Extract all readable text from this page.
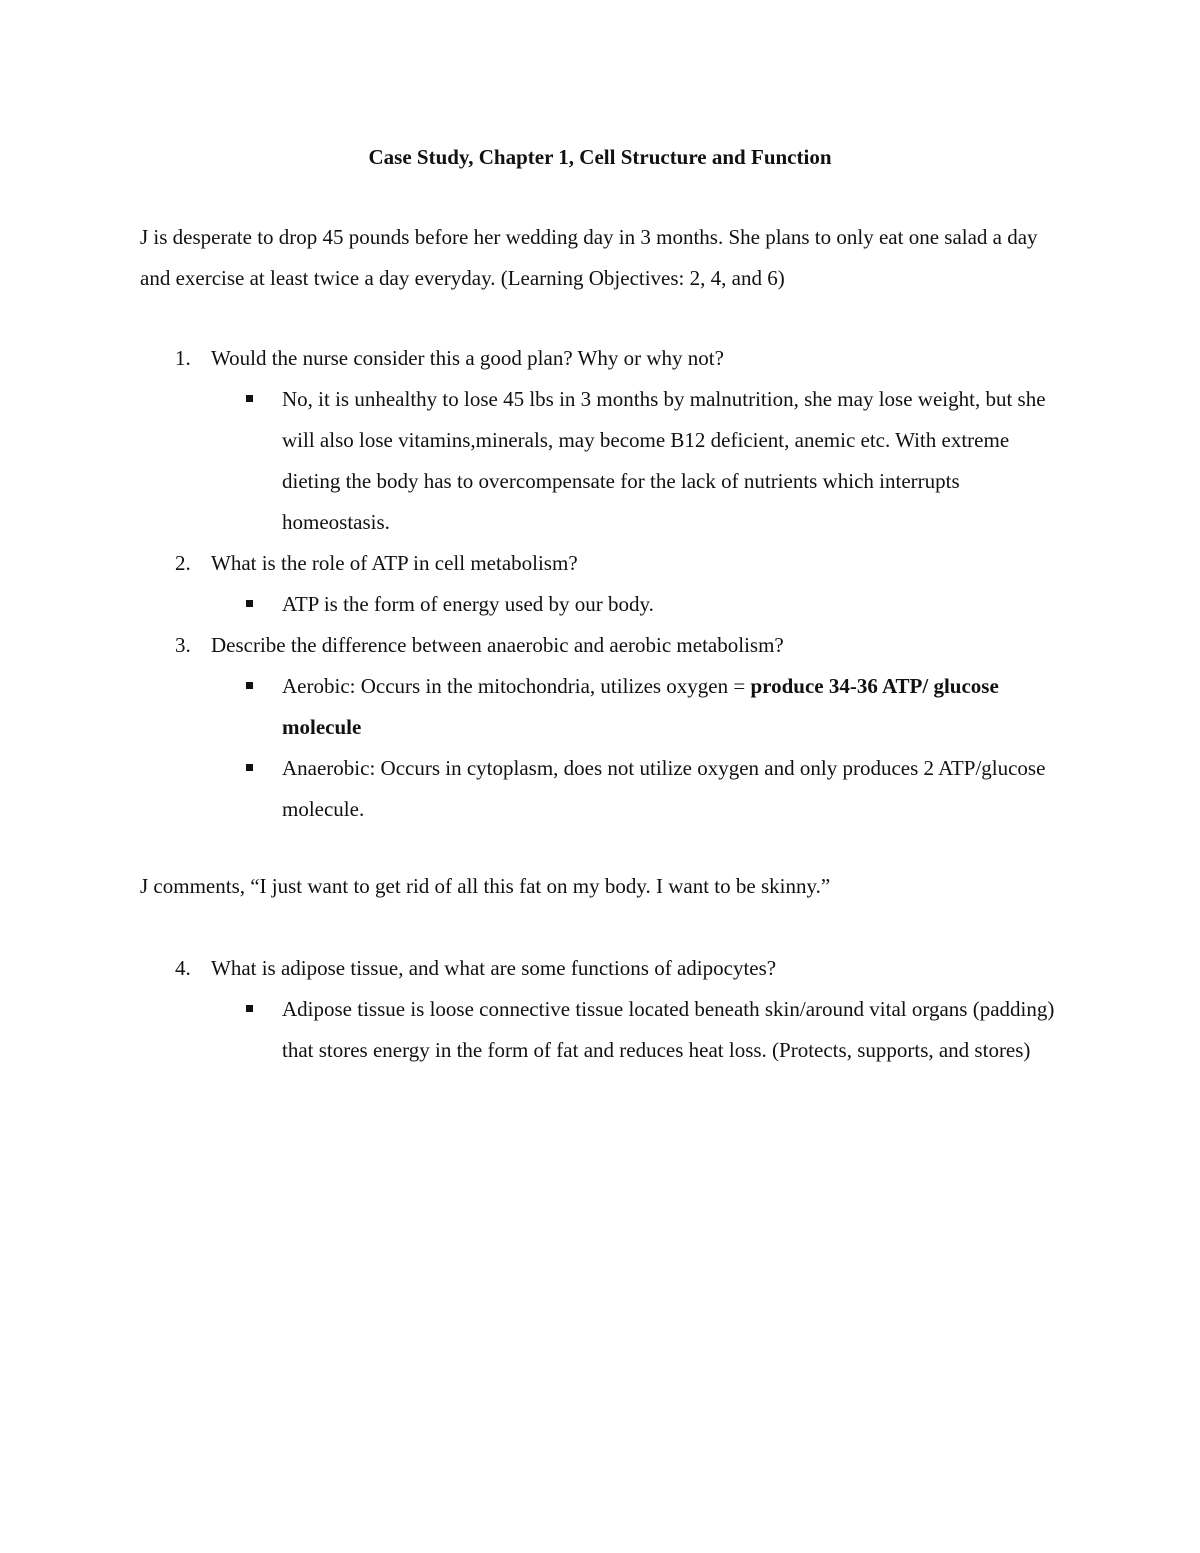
Case Study, Chapter 1, Cell Structure and Function
J is desperate to drop 45 pounds before her wedding day in 3 months. She plans to only eat one salad a day and exercise at least twice a day everyday. (Learning Objectives: 2, 4, and 6)
1. Would the nurse consider this a good plan? Why or why not?
No, it is unhealthy to lose 45 lbs in 3 months by malnutrition, she may lose weight, but she will also lose vitamins,minerals, may become B12 deficient, anemic etc. With extreme dieting the body has to overcompensate for the lack of nutrients which interrupts homeostasis.
2. What is the role of ATP in cell metabolism?
ATP is the form of energy used by our body.
3. Describe the difference between anaerobic and aerobic metabolism?
Aerobic: Occurs in the mitochondria, utilizes oxygen = produce 34-36 ATP/ glucose molecule
Anaerobic: Occurs in cytoplasm, does not utilize oxygen and only produces 2 ATP/glucose molecule.
J comments, “I just want to get rid of all this fat on my body. I want to be skinny.”
4. What is adipose tissue, and what are some functions of adipocytes?
Adipose tissue is loose connective tissue located beneath skin/around vital organs (padding) that stores energy in the form of fat and reduces heat loss. (Protects, supports, and stores)
